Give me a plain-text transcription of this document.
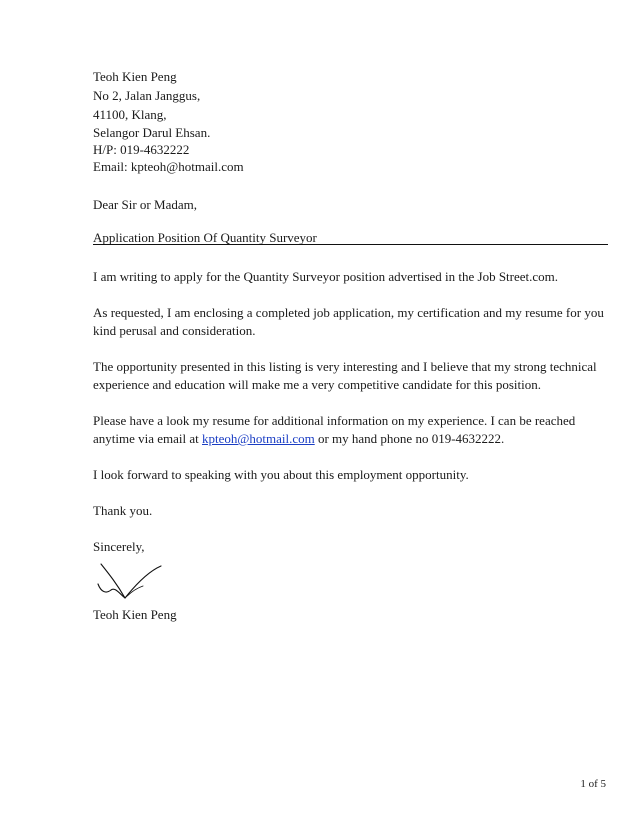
Teoh Kien Peng
No 2, Jalan Janggus,
41100, Klang,
Selangor Darul Ehsan.
H/P: 019-4632222
Email: kpteoh@hotmail.com
Dear Sir or Madam,
Application Position Of Quantity Surveyor
I am writing to apply for the Quantity Surveyor position advertised in the Job Street.com.
As requested, I am enclosing a completed job application, my certification and my resume for you kind perusal and consideration.
The opportunity presented in this listing is very interesting and I believe that my strong technical experience and education will make me a very competitive candidate for this position.
Please have a look my resume for additional information on my experience. I can be reached anytime via email at kpteoh@hotmail.com or my hand phone no 019-4632222.
I look forward to speaking with you about this employment opportunity.
Thank you.
Sincerely,
Teoh Kien Peng
1 of 5
